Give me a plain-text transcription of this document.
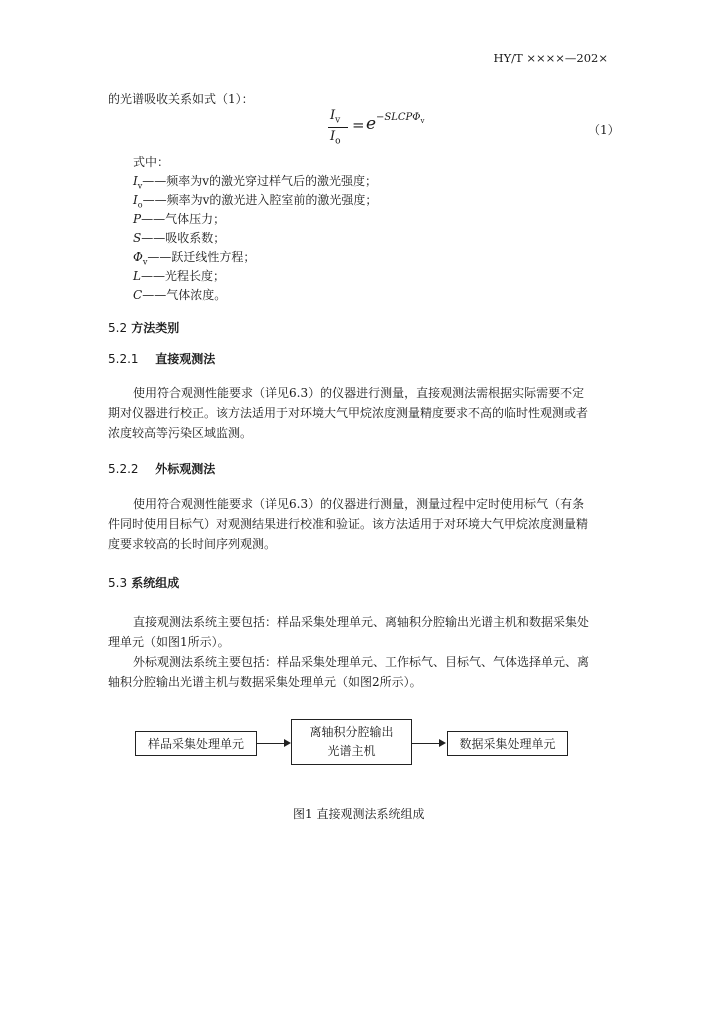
HY/T ××××—202×
的光谱吸收关系如式（1）：
$I_v$
$I_o$
= $e -SLCP\Phi_v$
（1）
式中：
$I_v——$频率为v的激光穿过样气后的激光强度；
$I_o——$频率为v的激光进入腔室前的激光强度；
P——气体压力；
S——吸收系数；
$\Phi_v——$跃迁线性方程；
L——光程长度；
C——气体浓度。
5.2 方法类别
5.2.1 直接观测法
使用符合观测性能要求（详见6.3）的仪器进行测量，直接观测法需根据实际需要不定
期对仪器进行校正。该方法适用于对环境大气甲烷浓度测量精度要求不高的临时性观测或者
浓度较高等污染区域监测。
5.2.2 外标观测法
使用符合观测性能要求（详见6.3）的仪器进行测量，测量过程中定时使用标气（有条
件同时使用目标气）对观测结果进行校准和验证。该方法适用于对环境大气甲烷浓度测量精
度要求较高的长时间序列观测。
5.3 系统组成
直接观测法系统主要包括：样品采集处理单元、离轴积分腔输出光谱主机和数据采集处
理单元（如图1所示）。
外标观测法系统主要包括：样品采集处理单元、工作标气、目标气、气体选择单元、离
轴积分腔输出光谱主机与数据采集处理单元（如图2所示）。
样品采集处理单元
离轴积分腔输出
光谱主机	数据采集处理单元
图1 直接观测法系统组成
